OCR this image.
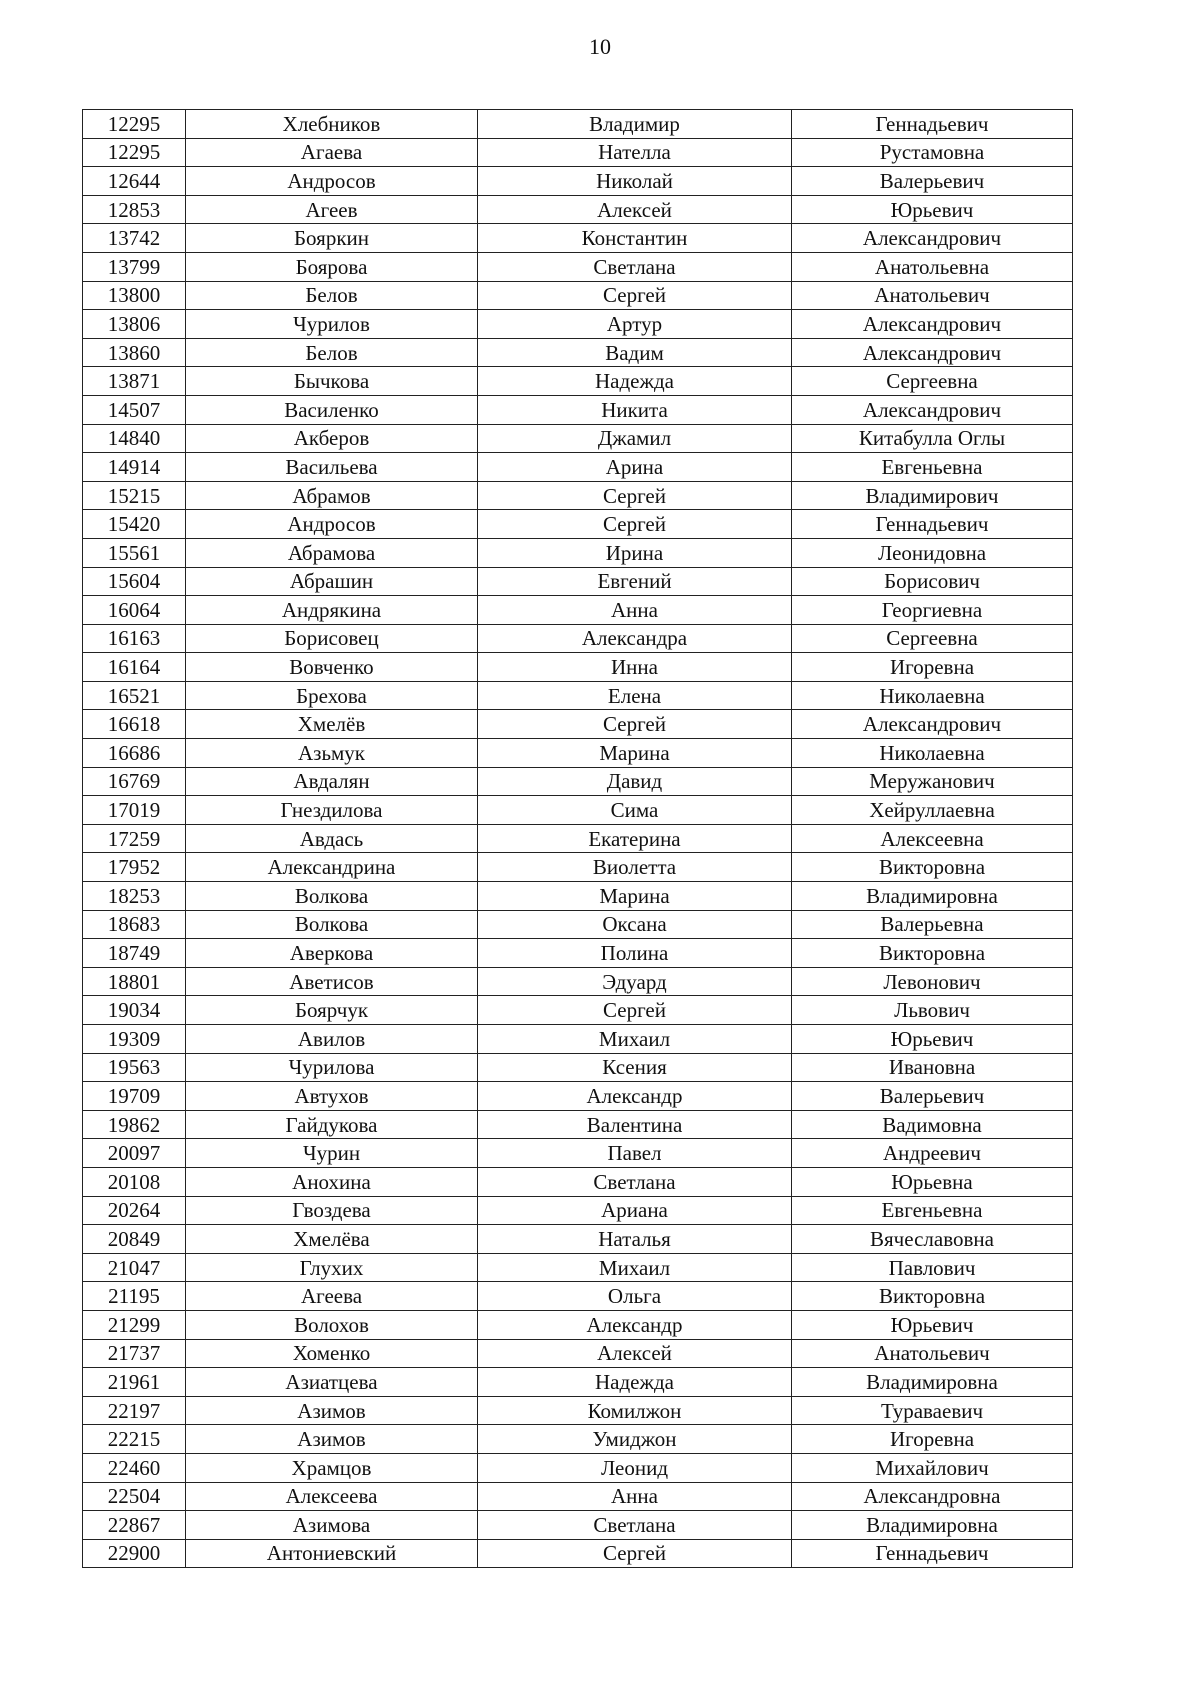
10
12295	Хлебников	Владимир	Геннадьевич
12295	Агаева	Нателла	Рустамовна
12644	Андросов	Николай	Валерьевич
12853	Агеев	Алексей	Юрьевич
13742	Бояркин	Константин	Александрович
13799	Боярова	Светлана	Анатольевна
13800	Белов	Сергей	Анатольевич
13806	Чурилов	Артур	Александрович
13860	Белов	Вадим	Александрович
13871	Бычкова	Надежда	Сергеевна
14507	Василенко	Никита	Александрович
14840	Акберов	Джамил	Китабулла Оглы
14914	Васильева	Арина	Евгеньевна
15215	Абрамов	Сергей	Владимирович
15420	Андросов	Сергей	Геннадьевич
15561	Абрамова	Ирина	Леонидовна
15604	Абрашин	Евгений	Борисович
16064	Андрякина	Анна	Георгиевна
16163	Борисовец	Александра	Сергеевна
16164	Вовченко	Инна	Игоревна
16521	Брехова	Елена	Николаевна
16618	Хмелёв	Сергей	Александрович
16686	Азьмук	Марина	Николаевна
16769	Авдалян	Давид	Меружанович
17019	Гнездилова	Сима	Хейруллаевна
17259	Авдась	Екатерина	Алексеевна
17952	Александрина	Виолетта	Викторовна
18253	Волкова	Марина	Владимировна
18683	Волкова	Оксана	Валерьевна
18749	Аверкова	Полина	Викторовна
18801	Аветисов	Эдуард	Левонович
19034	Боярчук	Сергей	Львович
19309	Авилов	Михаил	Юрьевич
19563	Чурилова	Ксения	Ивановна
19709	Автухов	Александр	Валерьевич
19862	Гайдукова	Валентина	Вадимовна
20097	Чурин	Павел	Андреевич
20108	Анохина	Светлана	Юрьевна
20264	Гвоздева	Ариана	Евгеньевна
20849	Хмелёва	Наталья	Вячеславовна
21047	Глухих	Михаил	Павлович
21195	Агеева	Ольга	Викторовна
21299	Волохов	Александр	Юрьевич
21737	Хоменко	Алексей	Анатольевич
21961	Азиатцева	Надежда	Владимировна
22197	Азимов	Комилжон	Тураваевич
22215	Азимов	Умиджон	Игоревна
22460	Храмцов	Леонид	Михайлович
22504	Алексеева	Анна	Александровна
22867	Азимова	Светлана	Владимировна
22900	Антониевский	Сергей	Геннадьевич
